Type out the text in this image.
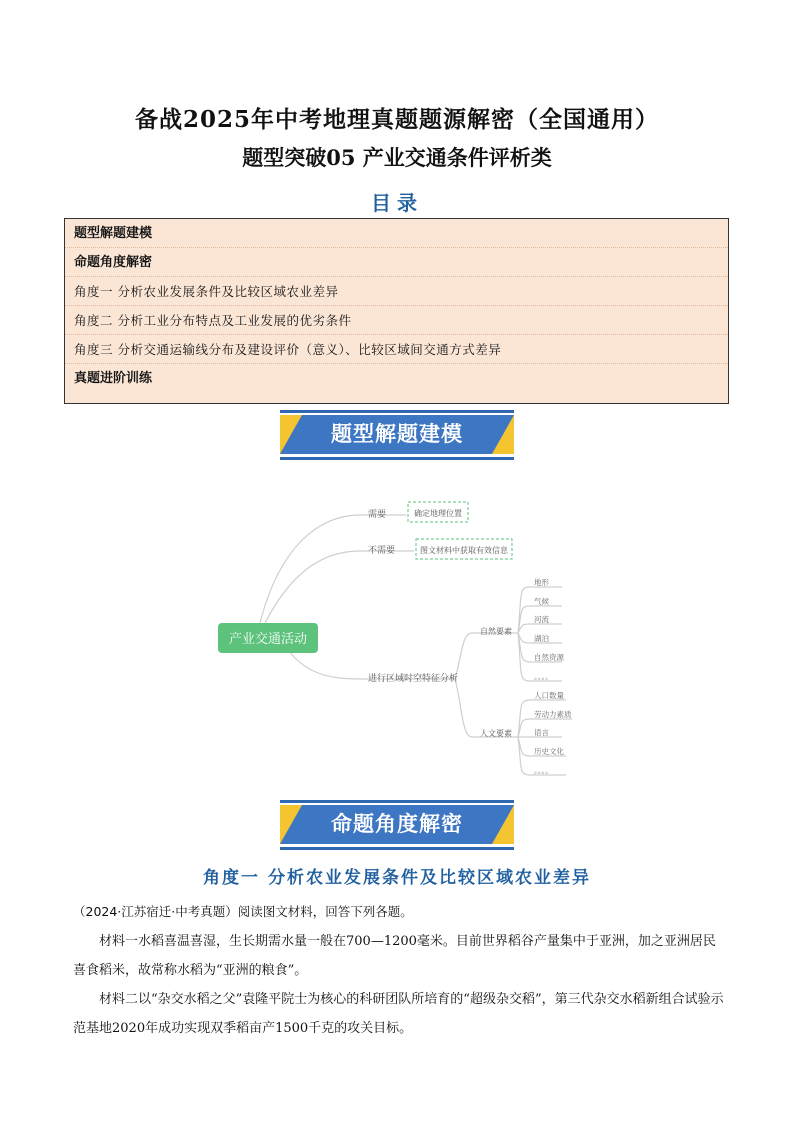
备战2025年中考地理真题题源解密（全国通用）
题型突破05 产业交通条件评析类
目录
题型解题建模
命题角度解密
角度一 分析农业发展条件及比较区域农业差异
角度二 分析工业分布特点及工业发展的优劣条件
角度三 分析交通运输线分布及建设评价（意义）、比较区域间交通方式差异
真题进阶训练
题型解题建模
产业交通活动
需要	确定地理位置
不需要	图文材料中获取有效信息
进行区域时空特征分析
自然要素
地形
气候
河流
湖泊
自然资源
。。。。
人文要素
人口数量
劳动力素质
语言
历史文化
。。。。
命题角度解密
角度一 分析农业发展条件及比较区域农业差异
（2024·江苏宿迁·中考真题）阅读图文材料，回答下列各题。
材料一水稻喜温喜湿，生长期需水量一般在700—1200毫米。目前世界稻谷产量集中于亚洲，加之亚洲居民喜食稻米，故常称水稻为“亚洲的粮食”。
材料二以“杂交水稻之父”袁隆平院士为核心的科研团队所培育的“超级杂交稻”，第三代杂交水稻新组合试验示范基地2020年成功实现双季稻亩产1500千克的攻关目标。
